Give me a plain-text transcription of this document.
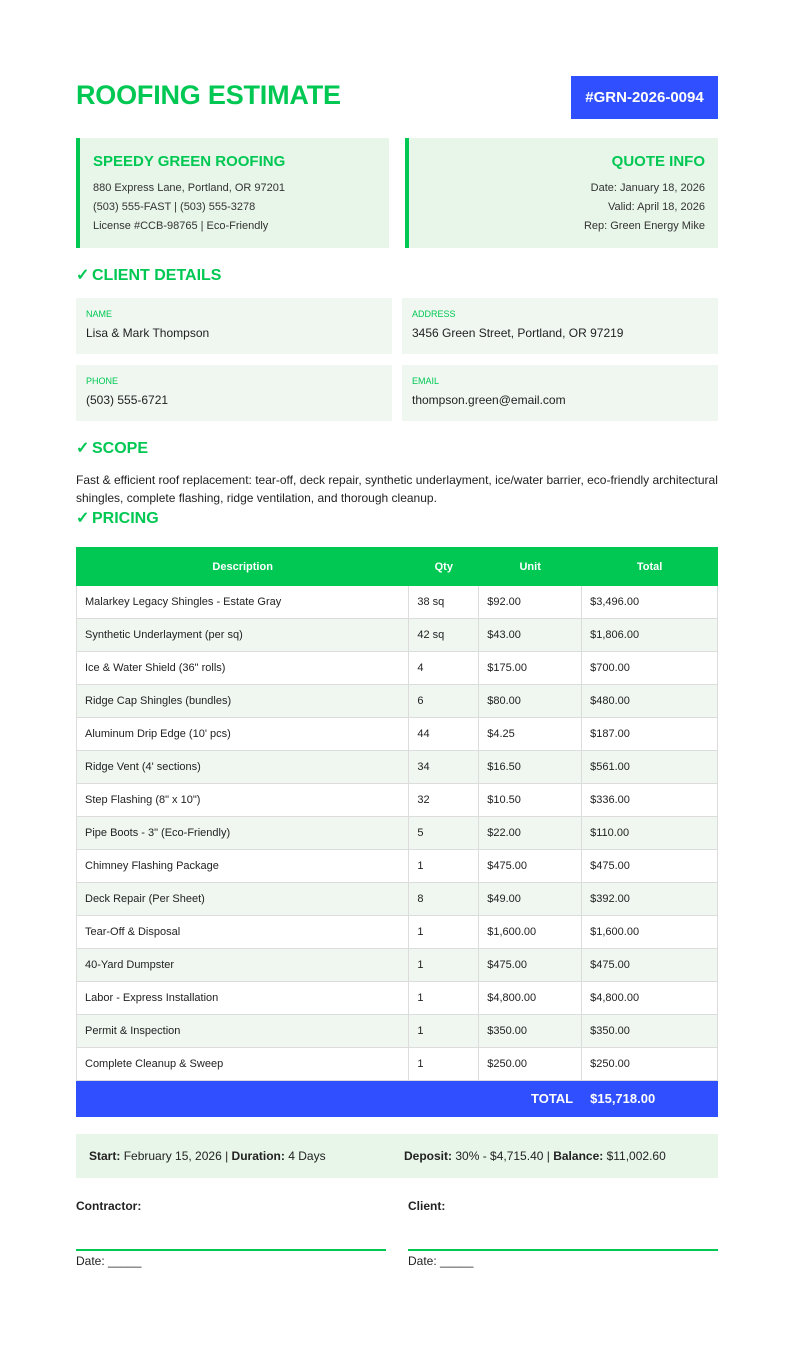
ROOFING ESTIMATE	#GRN-2026-0094
SPEEDY GREEN ROOFING

880 Express Lane, Portland, OR 97201

(503) 555-FAST | (503) 555-3278

License #CCB-98765 | Eco-Friendly

QUOTE INFO

Date: January 18, 2026

Valid: April 18, 2026

Rep: Green Energy Mike

✓ CLIENT DETAILS
NAME
Lisa & Mark Thompson
ADDRESS
3456 Green Street, Portland, OR 97219
PHONE
(503) 555-6721
EMAIL
thompson.green@email.com
✓ SCOPE
Fast & efficient roof replacement: tear-off, deck repair, synthetic underlayment, ice/water barrier, eco-friendly architectural shingles, complete flashing, ridge ventilation, and thorough cleanup.
✓ PRICING
Description	Qty	Unit	Total
Malarkey Legacy Shingles - Estate Gray	38 sq	$92.00	$3,496.00
Synthetic Underlayment (per sq)	42 sq	$43.00	$1,806.00
Ice & Water Shield (36" rolls)	4	$175.00	$700.00
Ridge Cap Shingles (bundles)	6	$80.00	$480.00
Aluminum Drip Edge (10' pcs)	44	$4.25	$187.00
Ridge Vent (4' sections)	34	$16.50	$561.00
Step Flashing (8" x 10")	32	$10.50	$336.00
Pipe Boots - 3" (Eco-Friendly)	5	$22.00	$110.00
Chimney Flashing Package	1	$475.00	$475.00
Deck Repair (Per Sheet)	8	$49.00	$392.00
Tear-Off & Disposal	1	$1,600.00	$1,600.00
40-Yard Dumpster	1	$475.00	$475.00
Labor - Express Installation	1	$4,800.00	$4,800.00
Permit & Inspection	1	$350.00	$350.00
Complete Cleanup & Sweep	1	$250.00	$250.00
TOTAL			$15,718.00
Start: February 15, 2026 | Duration: 4 Days	Deposit: 30% - $4,715.40 | Balance: $11,002.60
Contractor:
Date: _____
Client:
Date: _____
